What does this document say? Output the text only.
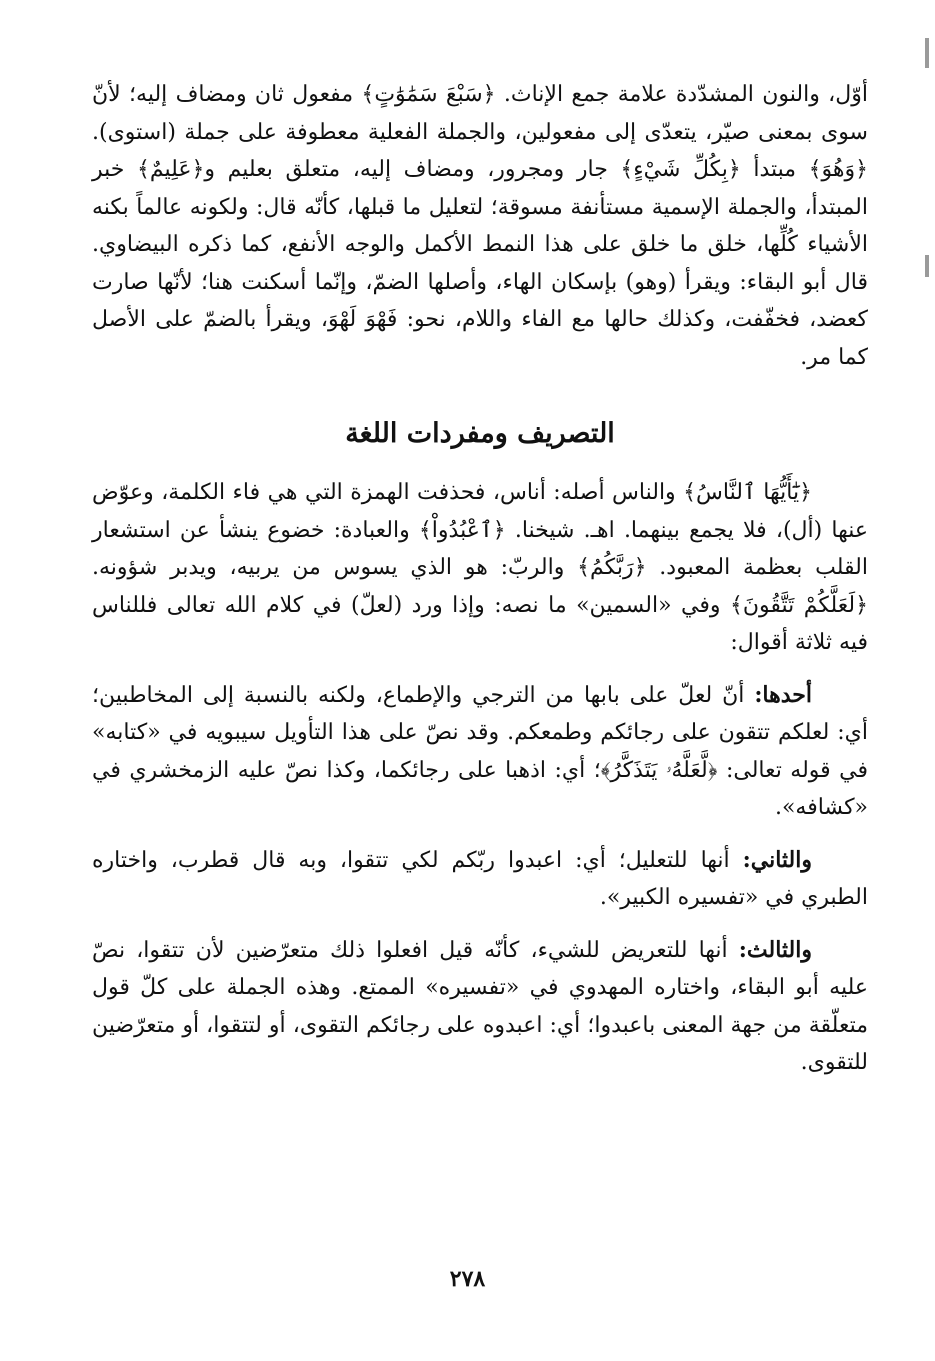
أوّل، والنون المشدّدة علامة جمع الإناث. ﴿سَبْعَ سَمَٰوَٰتٍ﴾ مفعول ثان ومضاف إليه؛ لأنّ سوى بمعنى صيّر، يتعدّى إلى مفعولين، والجملة الفعلية معطوفة على جملة (استوى). ﴿وَهُوَ﴾ مبتدأ ﴿بِكُلِّ شَيْءٍ﴾ جار ومجرور، ومضاف إليه، متعلق بعليم و﴿عَلِيمٌ﴾ خبر المبتدأ، والجملة الإسمية مستأنفة مسوقة؛ لتعليل ما قبلها، كأنّه قال: ولكونه عالماً بكنه الأشياء كُلِّها، خلق ما خلق على هذا النمط الأكمل والوجه الأنفع، كما ذكره البيضاوي. قال أبو البقاء: ويقرأ (وهو) بإسكان الهاء، وأصلها الضمّ، وإنّما أسكنت هنا؛ لأنّها صارت كعضد، فخفّفت، وكذلك حالها مع الفاء واللام، نحو: فَهْوَ لَهْوَ، ويقرأ بالضمّ على الأصل كما مر.

التصريف ومفردات اللغة

﴿يَٰٓأَيُّهَا ٱلنَّاسُ﴾ والناس أصله: أناس، فحذفت الهمزة التي هي فاء الكلمة، وعوّض عنها (أل)، فلا يجمع بينهما. اهـ. شيخنا. ﴿ٱعْبُدُواْ﴾ والعبادة: خضوع ينشأ عن استشعار القلب بعظمة المعبود. ﴿رَبَّكُمُ﴾ والربّ: هو الذي يسوس من يربيه، ويدبر شؤونه. ﴿لَعَلَّكُمْ تَتَّقُونَ﴾ وفي «السمين» ما نصه: وإذا ورد (لعلّ) في كلام الله تعالى فللناس فيه ثلاثة أقوال:

أحدها: أنّ لعلّ على بابها من الترجي والإطماع، ولكنه بالنسبة إلى المخاطبين؛ أي: لعلكم تتقون على رجائكم وطمعكم. وقد نصّ على هذا التأويل سيبويه في «كتابه» في قوله تعالى: ﴿لَّعَلَّهُۥ يَتَذَكَّرُ﴾؛ أي: اذهبا على رجائكما، وكذا نصّ عليه الزمخشري في «كشافه».

والثاني: أنها للتعليل؛ أي: اعبدوا ربّكم لكي تتقوا، وبه قال قطرب، واختاره الطبري في «تفسيره الكبير».

والثالث: أنها للتعريض للشيء، كأنّه قيل افعلوا ذلك متعرّضين لأن تتقوا، نصّ عليه أبو البقاء، واختاره المهدوي في «تفسيره» الممتع. وهذه الجملة على كلّ قول متعلّقة من جهة المعنى باعبدوا؛ أي: اعبدوه على رجائكم التقوى، أو لتتقوا، أو متعرّضين للتقوى.

٢٧٨
